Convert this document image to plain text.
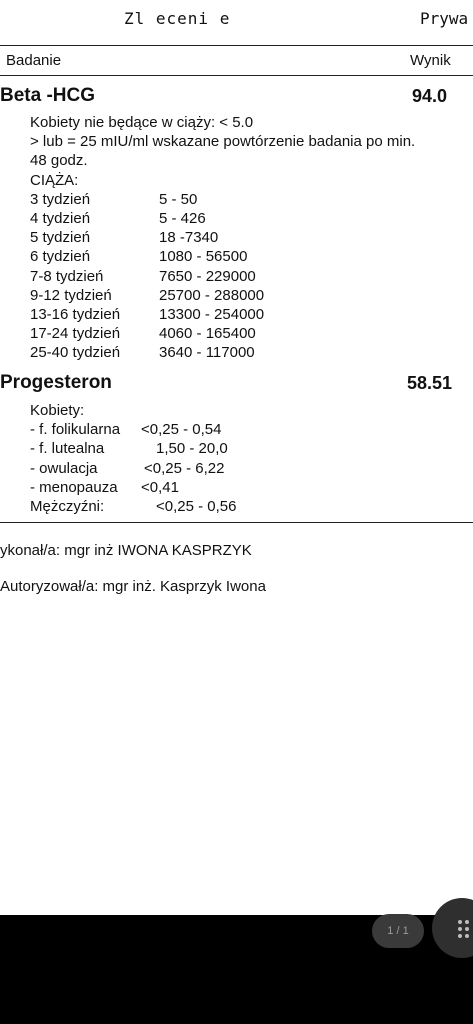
Zl eceni e	Prywa
Badanie	Wynik
Beta -HCG	94.0
Kobiety nie będące w ciąży: < 5.0
> lub = 25 mIU/ml wskazane powtórzenie badania po min.
48 godz.
CIĄŻA:
3 tydzień	5 - 50
4 tydzień	5 - 426
5 tydzień	18 -7340
6 tydzień	1080 - 56500
7-8 tydzień	7650 - 229000
9-12 tydzień	25700 - 288000
13-16 tydzień	13300 - 254000
17-24 tydzień	4060 - 165400
25-40 tydzień	3640 - 117000
Progesteron	58.51
Kobiety:
- f. folikularna	<0,25 - 0,54
- f. lutealna	1,50 - 20,0
- owulacja	<0,25 - 6,22
- menopauza	<0,41
Mężczyźni:	<0,25 - 0,56
ykonał/a: mgr inż IWONA KASPRZYK
Autoryzował/a: mgr inż. Kasprzyk Iwona
1 / 1
